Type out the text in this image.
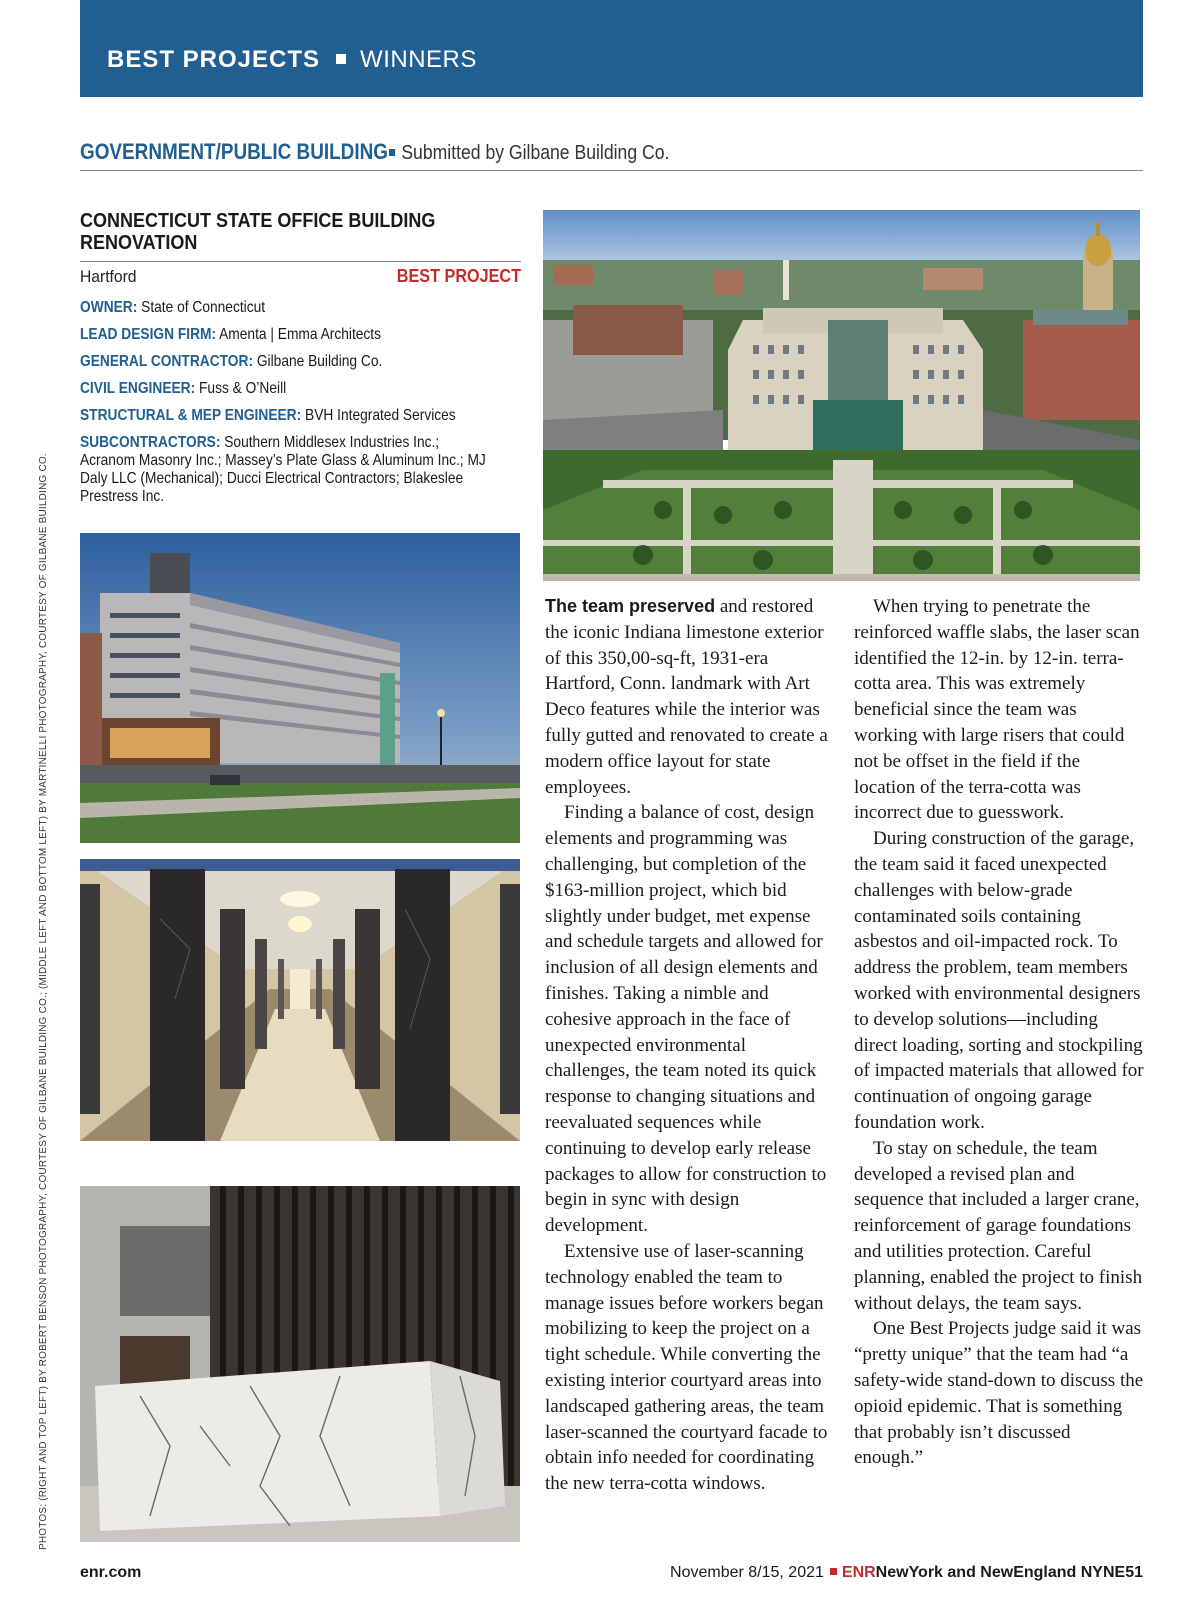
BEST PROJECTS WINNERS
GOVERNMENT/PUBLIC BUILDING Submitted by Gilbane Building Co.
CONNECTICUT STATE OFFICE BUILDING RENOVATION
Hartford	BEST PROJECT
OWNER: State of Connecticut
LEAD DESIGN FIRM: Amenta | Emma Architects
GENERAL CONTRACTOR: Gilbane Building Co.
CIVIL ENGINEER: Fuss & O’Neill
STRUCTURAL & MEP ENGINEER: BVH Integrated Services
SUBCONTRACTORS: Southern Middlesex Industries Inc.; Acranom Masonry Inc.; Massey’s Plate Glass & Aluminum Inc.; MJ Daly LLC (Mechanical); Ducci Electrical Contractors; Blakeslee Prestress Inc.
PHOTOS: (RIGHT AND TOP LEFT) BY ROBERT BENSON PHOTOGRAPHY, COURTESY OF GILBANE BUILDING CO.; (MIDDLE LEFT AND BOTTOM LEFT) BY MARTINELLI PHOTOGRAPHY, COURTESY OF GILBANE BUILDING CO.	The team preserved and restored the iconic Indiana limestone exterior of this 350,00-sq-ft, 1931-era Hartford, Conn. landmark with Art Deco features while the interior was fully gutted and renovated to create a modern office layout for state employees.

Finding a balance of cost, design elements and programming was challenging, but completion of the $163-million project, which bid slightly under budget, met expense and schedule targets and allowed for inclusion of all design elements and finishes. Taking a nimble and cohesive approach in the face of unexpected environmental challenges, the team noted its quick response to changing situations and reevaluated sequences while continuing to develop early release packages to allow for construction to begin in sync with design development.

Extensive use of laser-scanning technology enabled the team to manage issues before workers began mobilizing to keep the project on a tight schedule. While converting the existing interior courtyard areas into landscaped gathering areas, the team laser-scanned the courtyard facade to obtain info needed for coordinating the new terra-cotta windows.

When trying to penetrate the reinforced waffle slabs, the laser scan identified the 12-in. by 12-in. terra-cotta area. This was extremely beneficial since the team was working with large risers that could not be offset in the field if the location of the terra-cotta was incorrect due to guesswork.

During construction of the garage, the team said it faced unexpected challenges with below-grade contaminated soils containing asbestos and oil-impacted rock. To address the problem, team members worked with environmental designers to develop solutions—including direct loading, sorting and stockpiling of impacted materials that allowed for continuation of ongoing garage foundation work.

To stay on schedule, the team developed a revised plan and sequence that included a larger crane, reinforcement of garage foundations and utilities protection. Careful planning, enabled the project to finish without delays, the team says.

One Best Projects judge said it was “pretty unique” that the team had “a safety-wide stand-down to discuss the opioid epidemic. That is something that probably isn’t discussed enough.”

enr.com	November 8/15, 2021 ENRNewYork and NewEngland NYNE51
